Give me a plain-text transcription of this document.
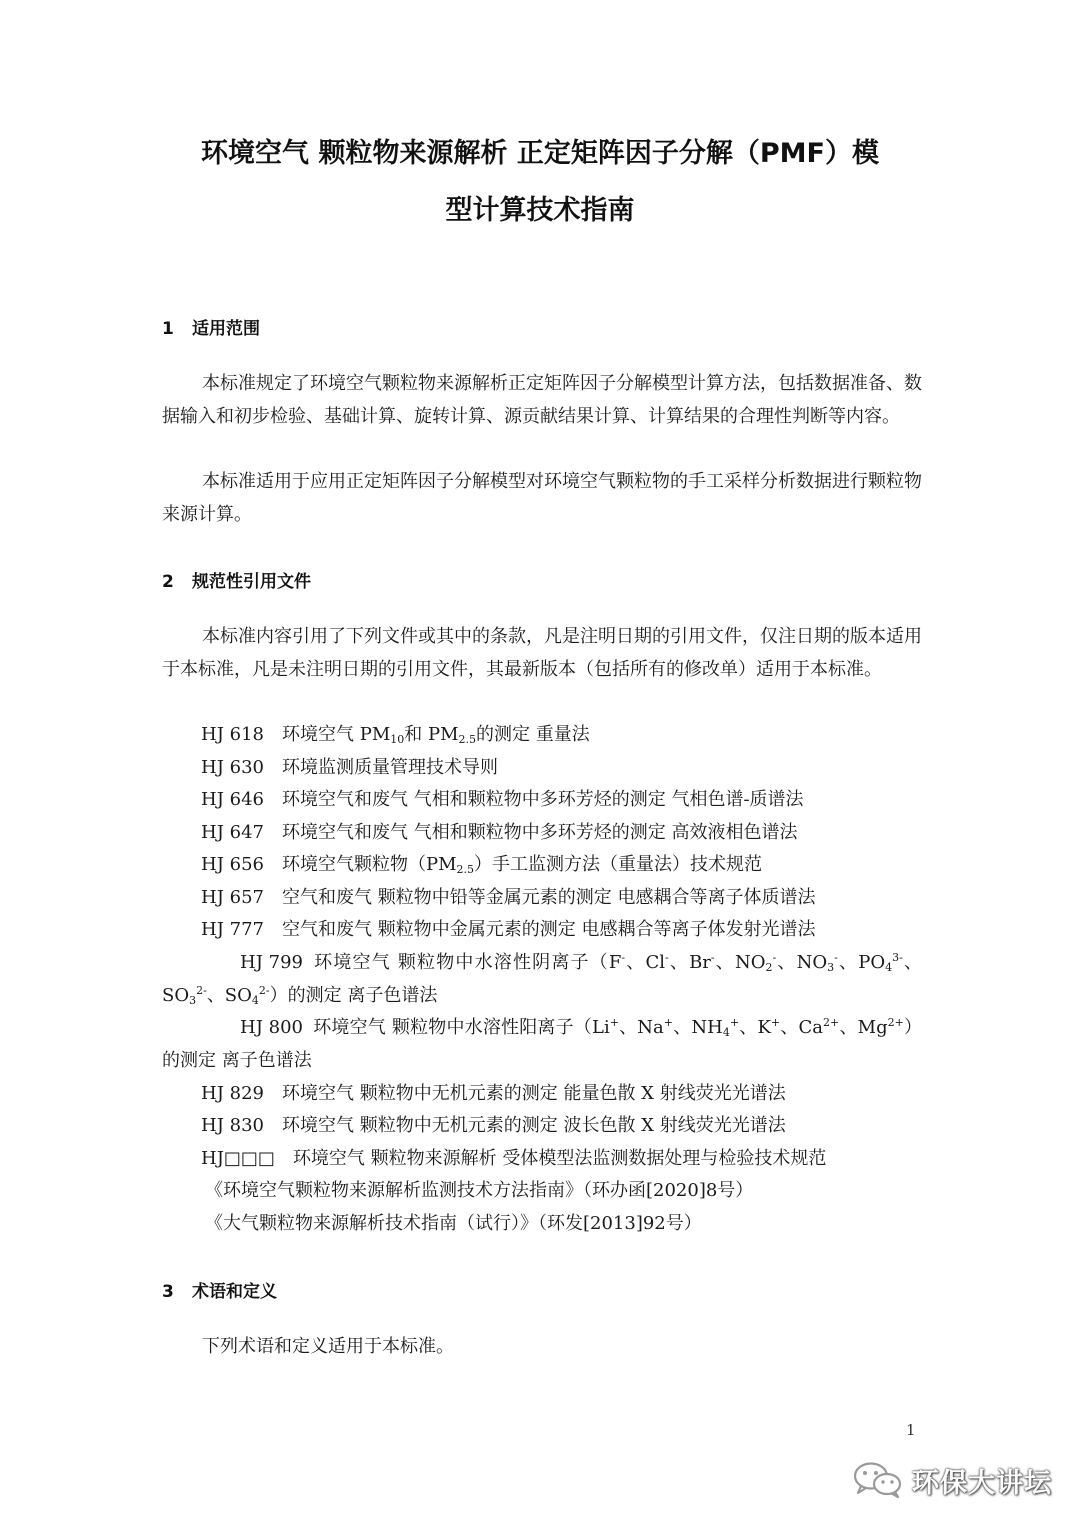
环境空气 颗粒物来源解析 正定矩阵因子分解（PMF）模
型计算技术指南
1 适用范围
本标准规定了环境空气颗粒物来源解析正定矩阵因子分解模型计算方法，包括数据准备、数据输入和初步检验、基础计算、旋转计算、源贡献结果计算、计算结果的合理性判断等内容。
本标准适用于应用正定矩阵因子分解模型对环境空气颗粒物的手工采样分析数据进行颗粒物来源计算。
2 规范性引用文件
本标准内容引用了下列文件或其中的条款，凡是注明日期的引用文件，仅注日期的版本适用于本标准，凡是未注明日期的引用文件，其最新版本（包括所有的修改单）适用于本标准。
HJ 618 环境空气 $PM_{10}$和 $PM_{2.5}$的测定 重量法
HJ 630 环境监测质量管理技术导则
HJ 646 环境空气和废气 气相和颗粒物中多环芳烃的测定 气相色谱-质谱法
HJ 647 环境空气和废气 气相和颗粒物中多环芳烃的测定 高效液相色谱法
HJ 656 环境空气颗粒物$(PM_{2.5})$手工监测方法（重量法）技术规范
HJ 657 空气和废气 颗粒物中铅等金属元素的测定 电感耦合等离子体质谱法
HJ 777 空气和废气 颗粒物中金属元素的测定 电感耦合等离子体发射光谱法
HJ 799 环境空气 颗粒物中水溶性阴离子（F-、Cl-、Br-、$NO_2^-$、$NO_3^-$、$PO_4^{3-}$、$SO_3^{2-}$、$SO_4^{2-}$）的测定 离子色谱法
HJ 800 环境空气 颗粒物中水溶性阳离子（Li+、Na+、$NH_4^+$、K+、$Ca^{2+}$、$Mg^{2+}$）的测定 离子色谱法
HJ 829 环境空气 颗粒物中无机元素的测定 能量色散 X 射线荧光光谱法
HJ 830 环境空气 颗粒物中无机元素的测定 波长色散 X 射线荧光光谱法
HJ□□□ 环境空气 颗粒物来源解析 受体模型法监测数据处理与检验技术规范
《环境空气颗粒物来源解析监测技术方法指南》（环办函[2020]8号）
《大气颗粒物来源解析技术指南（试行）》（环发[2013]92号）
3 术语和定义
下列术语和定义适用于本标准。
1
环保大讲坛
